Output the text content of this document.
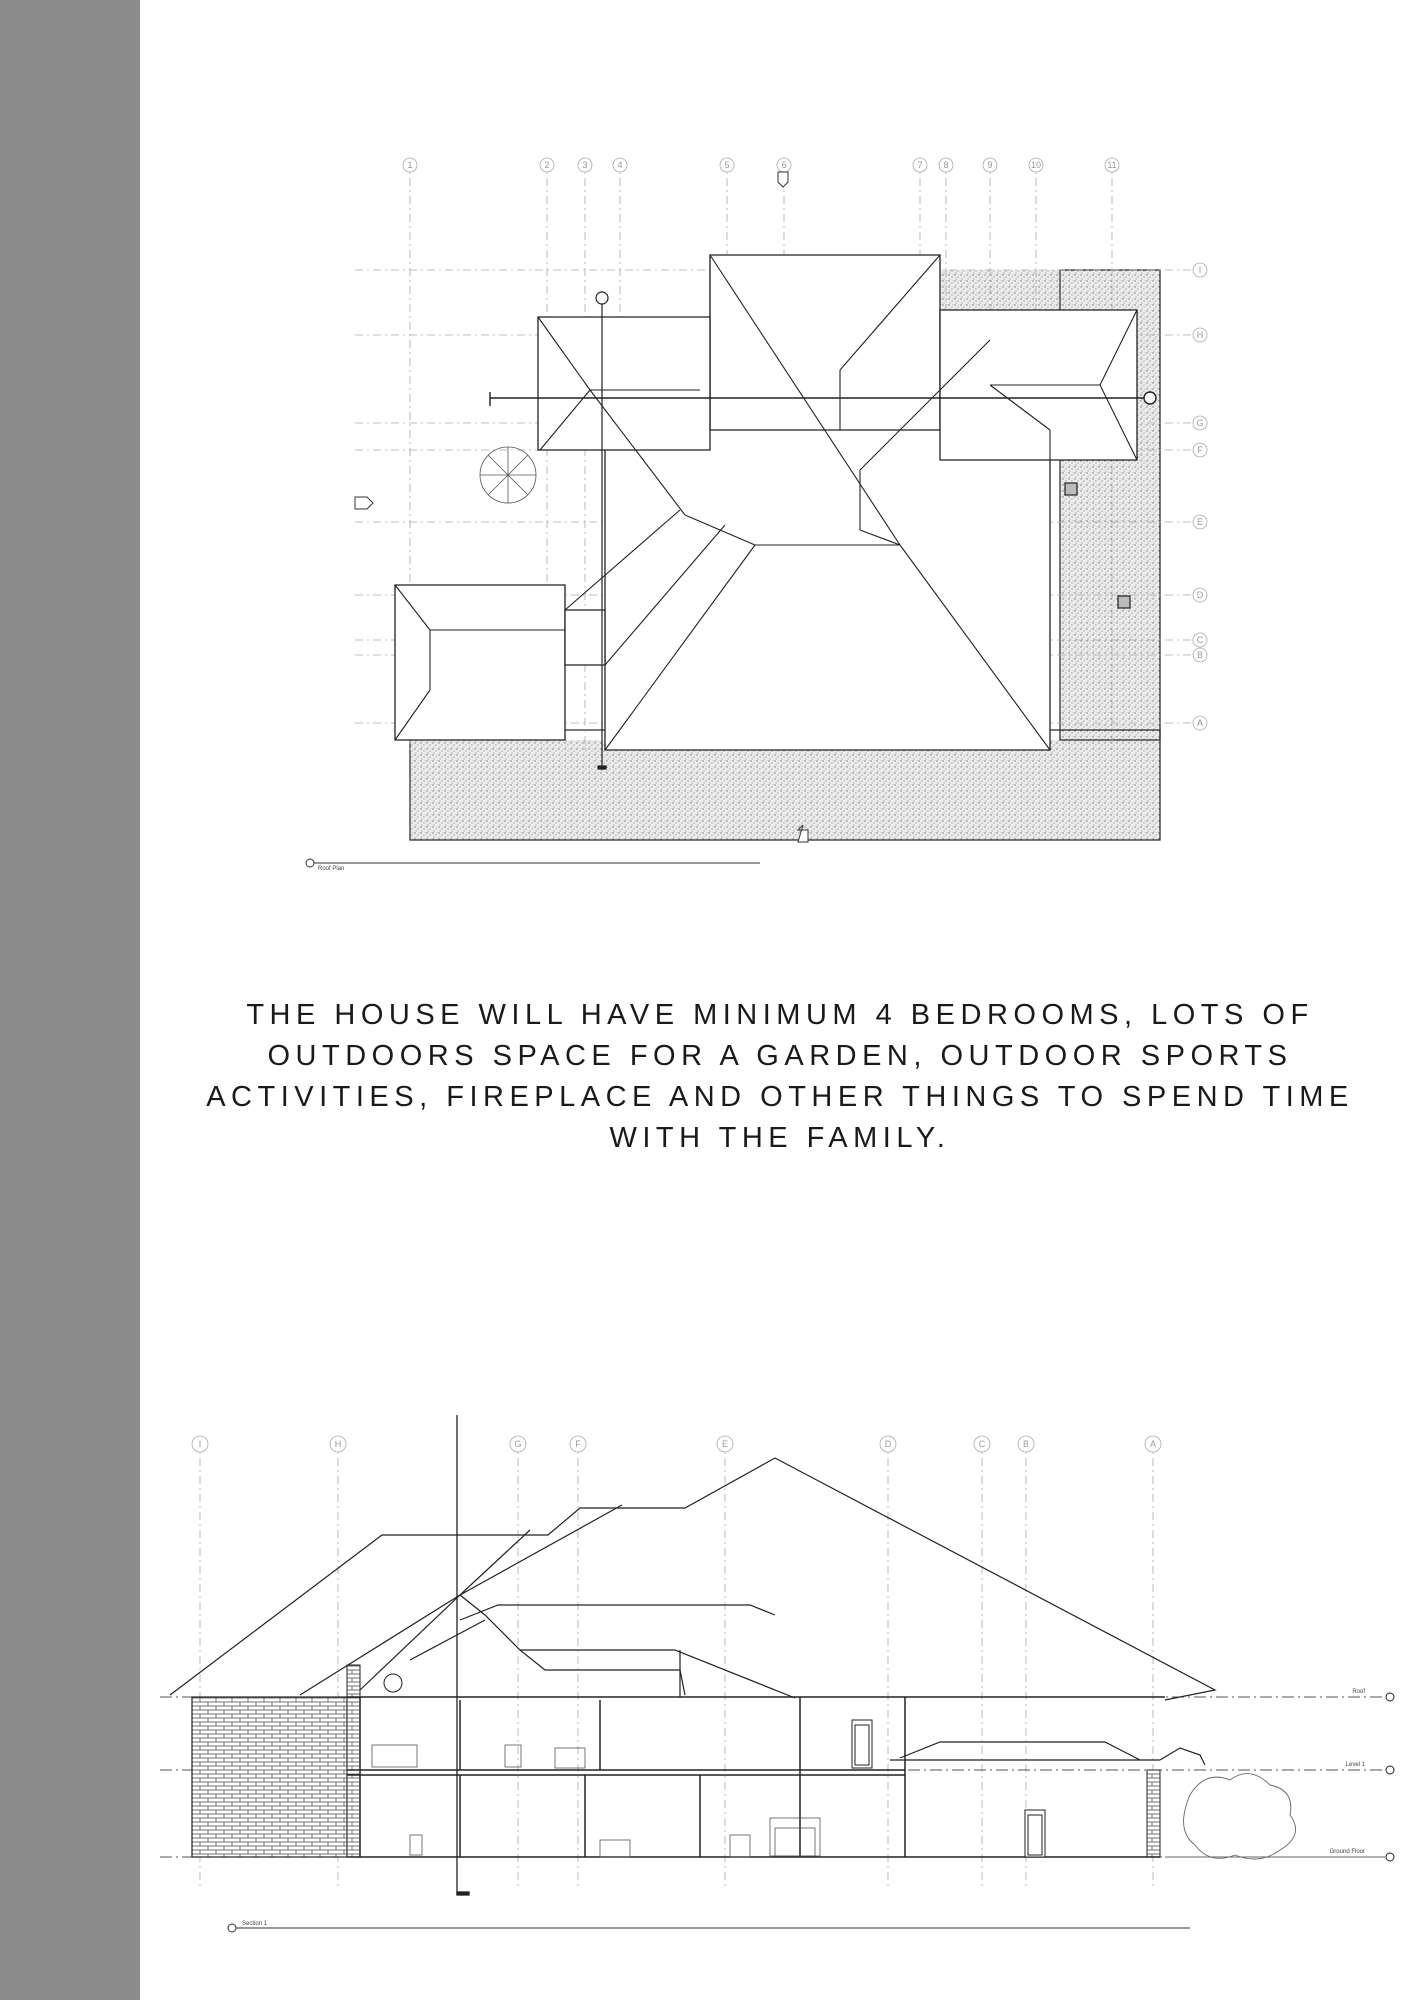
1	2	3	4	5	6	7 8	9	10	11
I
H
G
F
E
D
C
B
A
Roof Plan

THE HOUSE WILL HAVE MINIMUM 4 BEDROOMS, LOTS OF OUTDOORS SPACE FOR A GARDEN, OUTDOOR SPORTS ACTIVITIES, FIREPLACE AND OTHER THINGS TO SPEND TIME WITH THE FAMILY.

I	H	G	F	E	D	C	B	A
Roof
Level 1
Ground Floor
Section 1
